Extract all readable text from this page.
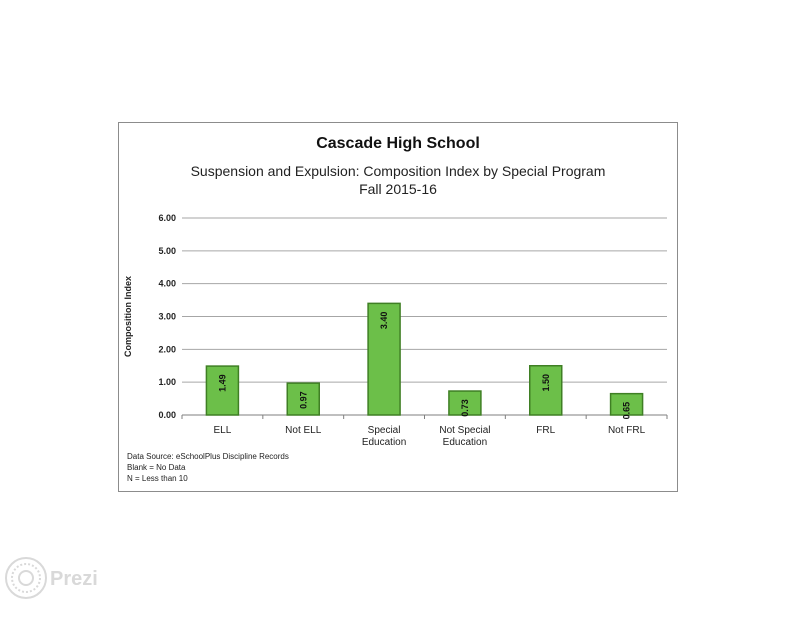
Cascade High School
Suspension and Expulsion: Composition Index by Special Program
Fall 2015-16
0.00
1.00
2.00
3.00
4.00
5.00
6.00
Composition Index
1.49
ELL
0.97
Not ELL
3.40
Special
Education
0.73
Not Special
Education
1.50
FRL
0.65
Not FRL
Data Source: eSchoolPlus Discipline Records
Blank = No Data
N = Less than 10
Prezi
